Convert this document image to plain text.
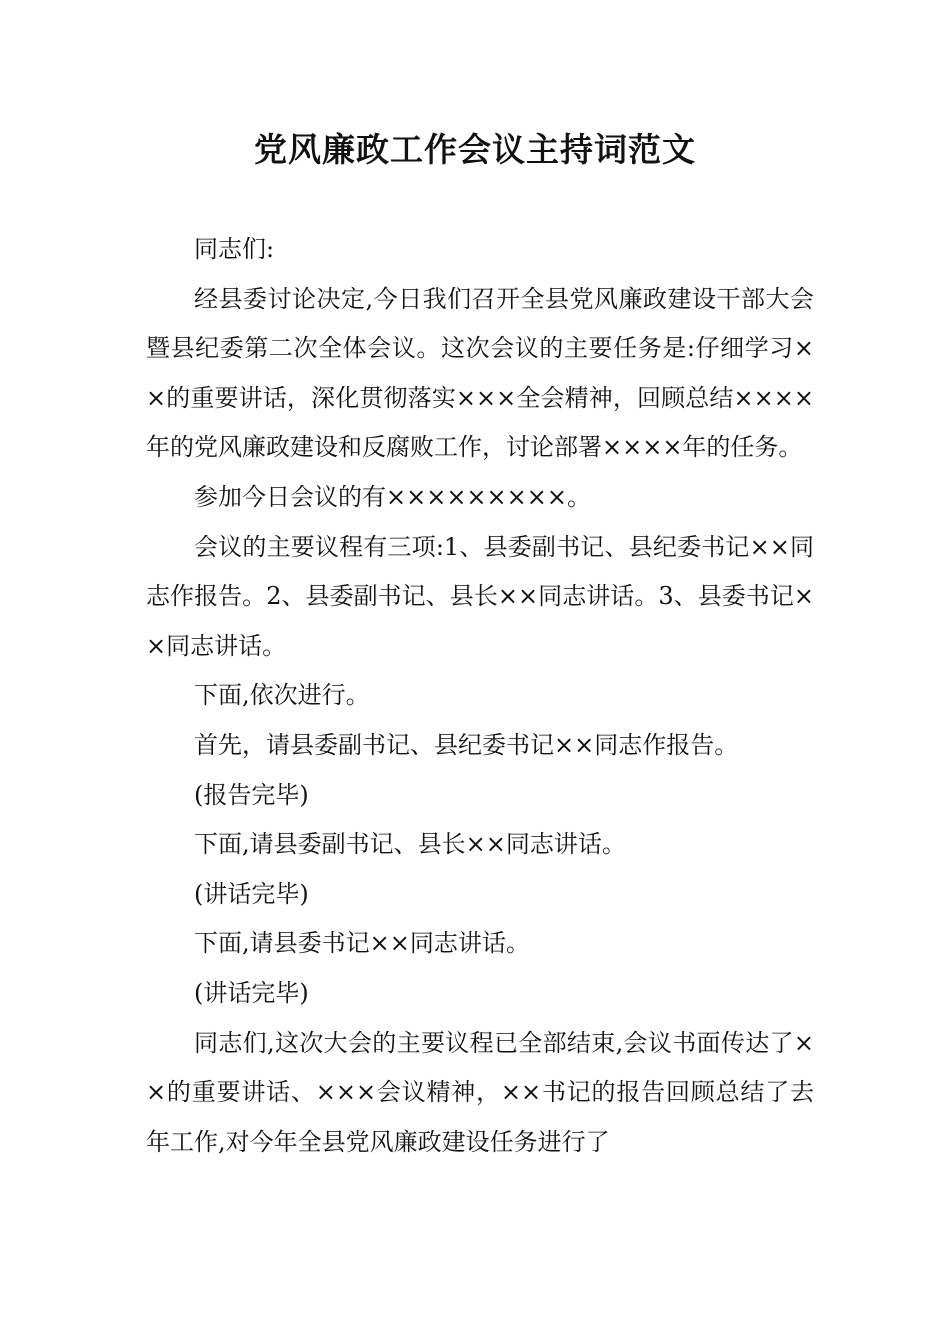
党风廉政工作会议主持词范文

同志们:

经县委讨论决定,今日我们召开全县党风廉政建设干部大会暨县纪委第二次全体会议。这次会议的主要任务是:仔细学习××的重要讲话，深化贯彻落实×××全会精神，回顾总结××××年的党风廉政建设和反腐败工作，讨论部署××××年的任务。

参加今日会议的有×××××××××。

会议的主要议程有三项:1、县委副书记、县纪委书记××同志作报告。2、县委副书记、县长××同志讲话。3、县委书记××同志讲话。

下面,依次进行。

首先，请县委副书记、县纪委书记××同志作报告。

(报告完毕)

下面,请县委副书记、县长××同志讲话。

(讲话完毕)

下面,请县委书记××同志讲话。

(讲话完毕)

同志们,这次大会的主要议程已全部结束,会议书面传达了××的重要讲话、×××会议精神，××书记的报告回顾总结了去年工作,对今年全县党风廉政建设任务进行了
